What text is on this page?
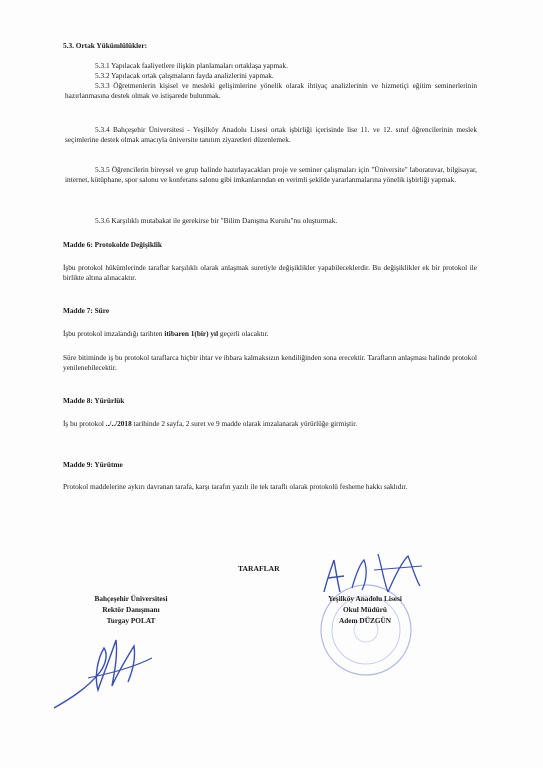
5.3. Ortak Yükümlülükler:

5.3.1 Yapılacak faaliyetlere ilişkin planlamaları ortaklaşa yapmak.

5.3.2 Yapılacak ortak çalışmaların fayda analizlerini yapmak.

5.3.3 Öğretmenlerin kişisel ve mesleki gelişimlerine yönelik olarak ihtiyaç analizlerinin ve hizmetiçi eğitim seminerlerinin hazırlanmasına destek olmak ve istişarede bulunmak.

5.3.4 Bahçeşehir Üniversitesi - Yeşilköy Anadolu Lisesi ortak işbirliği içerisinde lise 11. ve 12. sınıf öğrencilerinin meslek seçimlerine destek olmak amacıyla üniversite tanıtım ziyaretleri düzenlemek.

5.3.5 Öğrencilerin bireysel ve grup halinde hazırlayacakları proje ve seminer çalışmaları için "Üniversite" laboratuvar, bilgisayar, internet, kütüphane, spor salonu ve konferans salonu gibi imkanlarından en verimli şekilde yararlanmalarına yönelik işbirliği yapmak.

5.3.6 Karşılıklı mutabakat ile gerekirse bir "Bilim Danışma Kurulu"nu oluşturmak.

Madde 6: Protokolde Değişiklik

İşbu protokol hükümlerinde taraflar karşılıklı olarak anlaşmak suretiyle değişiklikler yapabileceklerdir. Bu değişiklikler ek bir protokol ile birlikte altına alınacaktır.

Madde 7: Süre

İşbu protokol imzalandığı tarihten itibaren 1(bir) yıl geçerli olacaktır.

Süre bitiminde iş bu protokol taraflarca hiçbir ihtar ve ihbara kalmaksızın kendiliğinden sona erecektir. Tarafların anlaşması halinde protokol yenilenebilecektir.

Madde 8: Yürürlük

İş bu protokol ../../2018 tarihinde 2 sayfa, 2 suret ve 9 madde olarak imzalanarak yürürlüğe girmiştir.

Madde 9: Yürütme

Protokol maddelerine aykırı davranan tarafa, karşı tarafın yazılı ile tek taraflı olarak protokolü fesheme hakkı saklıdır.

TARAFLAR

Bahçeşehir Üniversitesi

Rektör Danışmanı

Turgay POLAT

Yeşilköy Anadolu Lisesi

Okul Müdürü

Adem DÜZGÜN
